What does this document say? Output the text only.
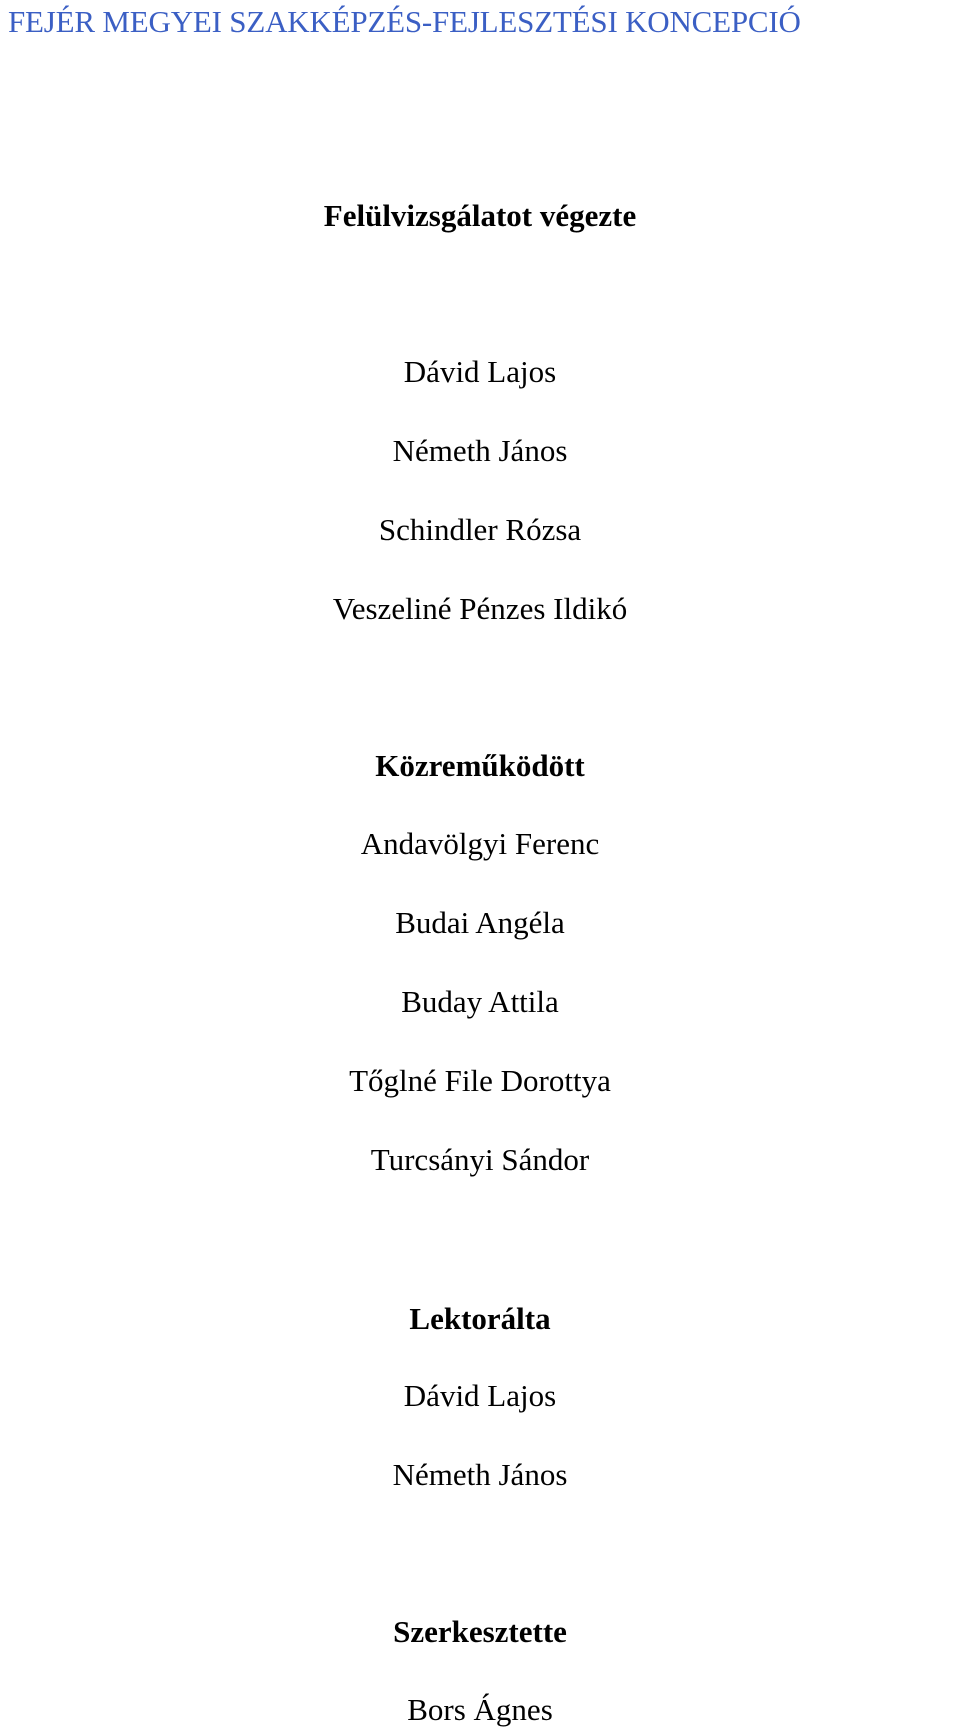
FEJÉR MEGYEI SZAKKÉPZÉS-FEJLESZTÉSI KONCEPCIÓ
Felülvizsgálatot végezte
Dávid Lajos
Németh János
Schindler Rózsa
Veszeliné Pénzes Ildikó
Közreműködött
Andavölgyi Ferenc
Budai Angéla
Buday Attila
Tőglné File Dorottya
Turcsányi Sándor
Lektorálta
Dávid Lajos
Németh János
Szerkesztette
Bors Ágnes
